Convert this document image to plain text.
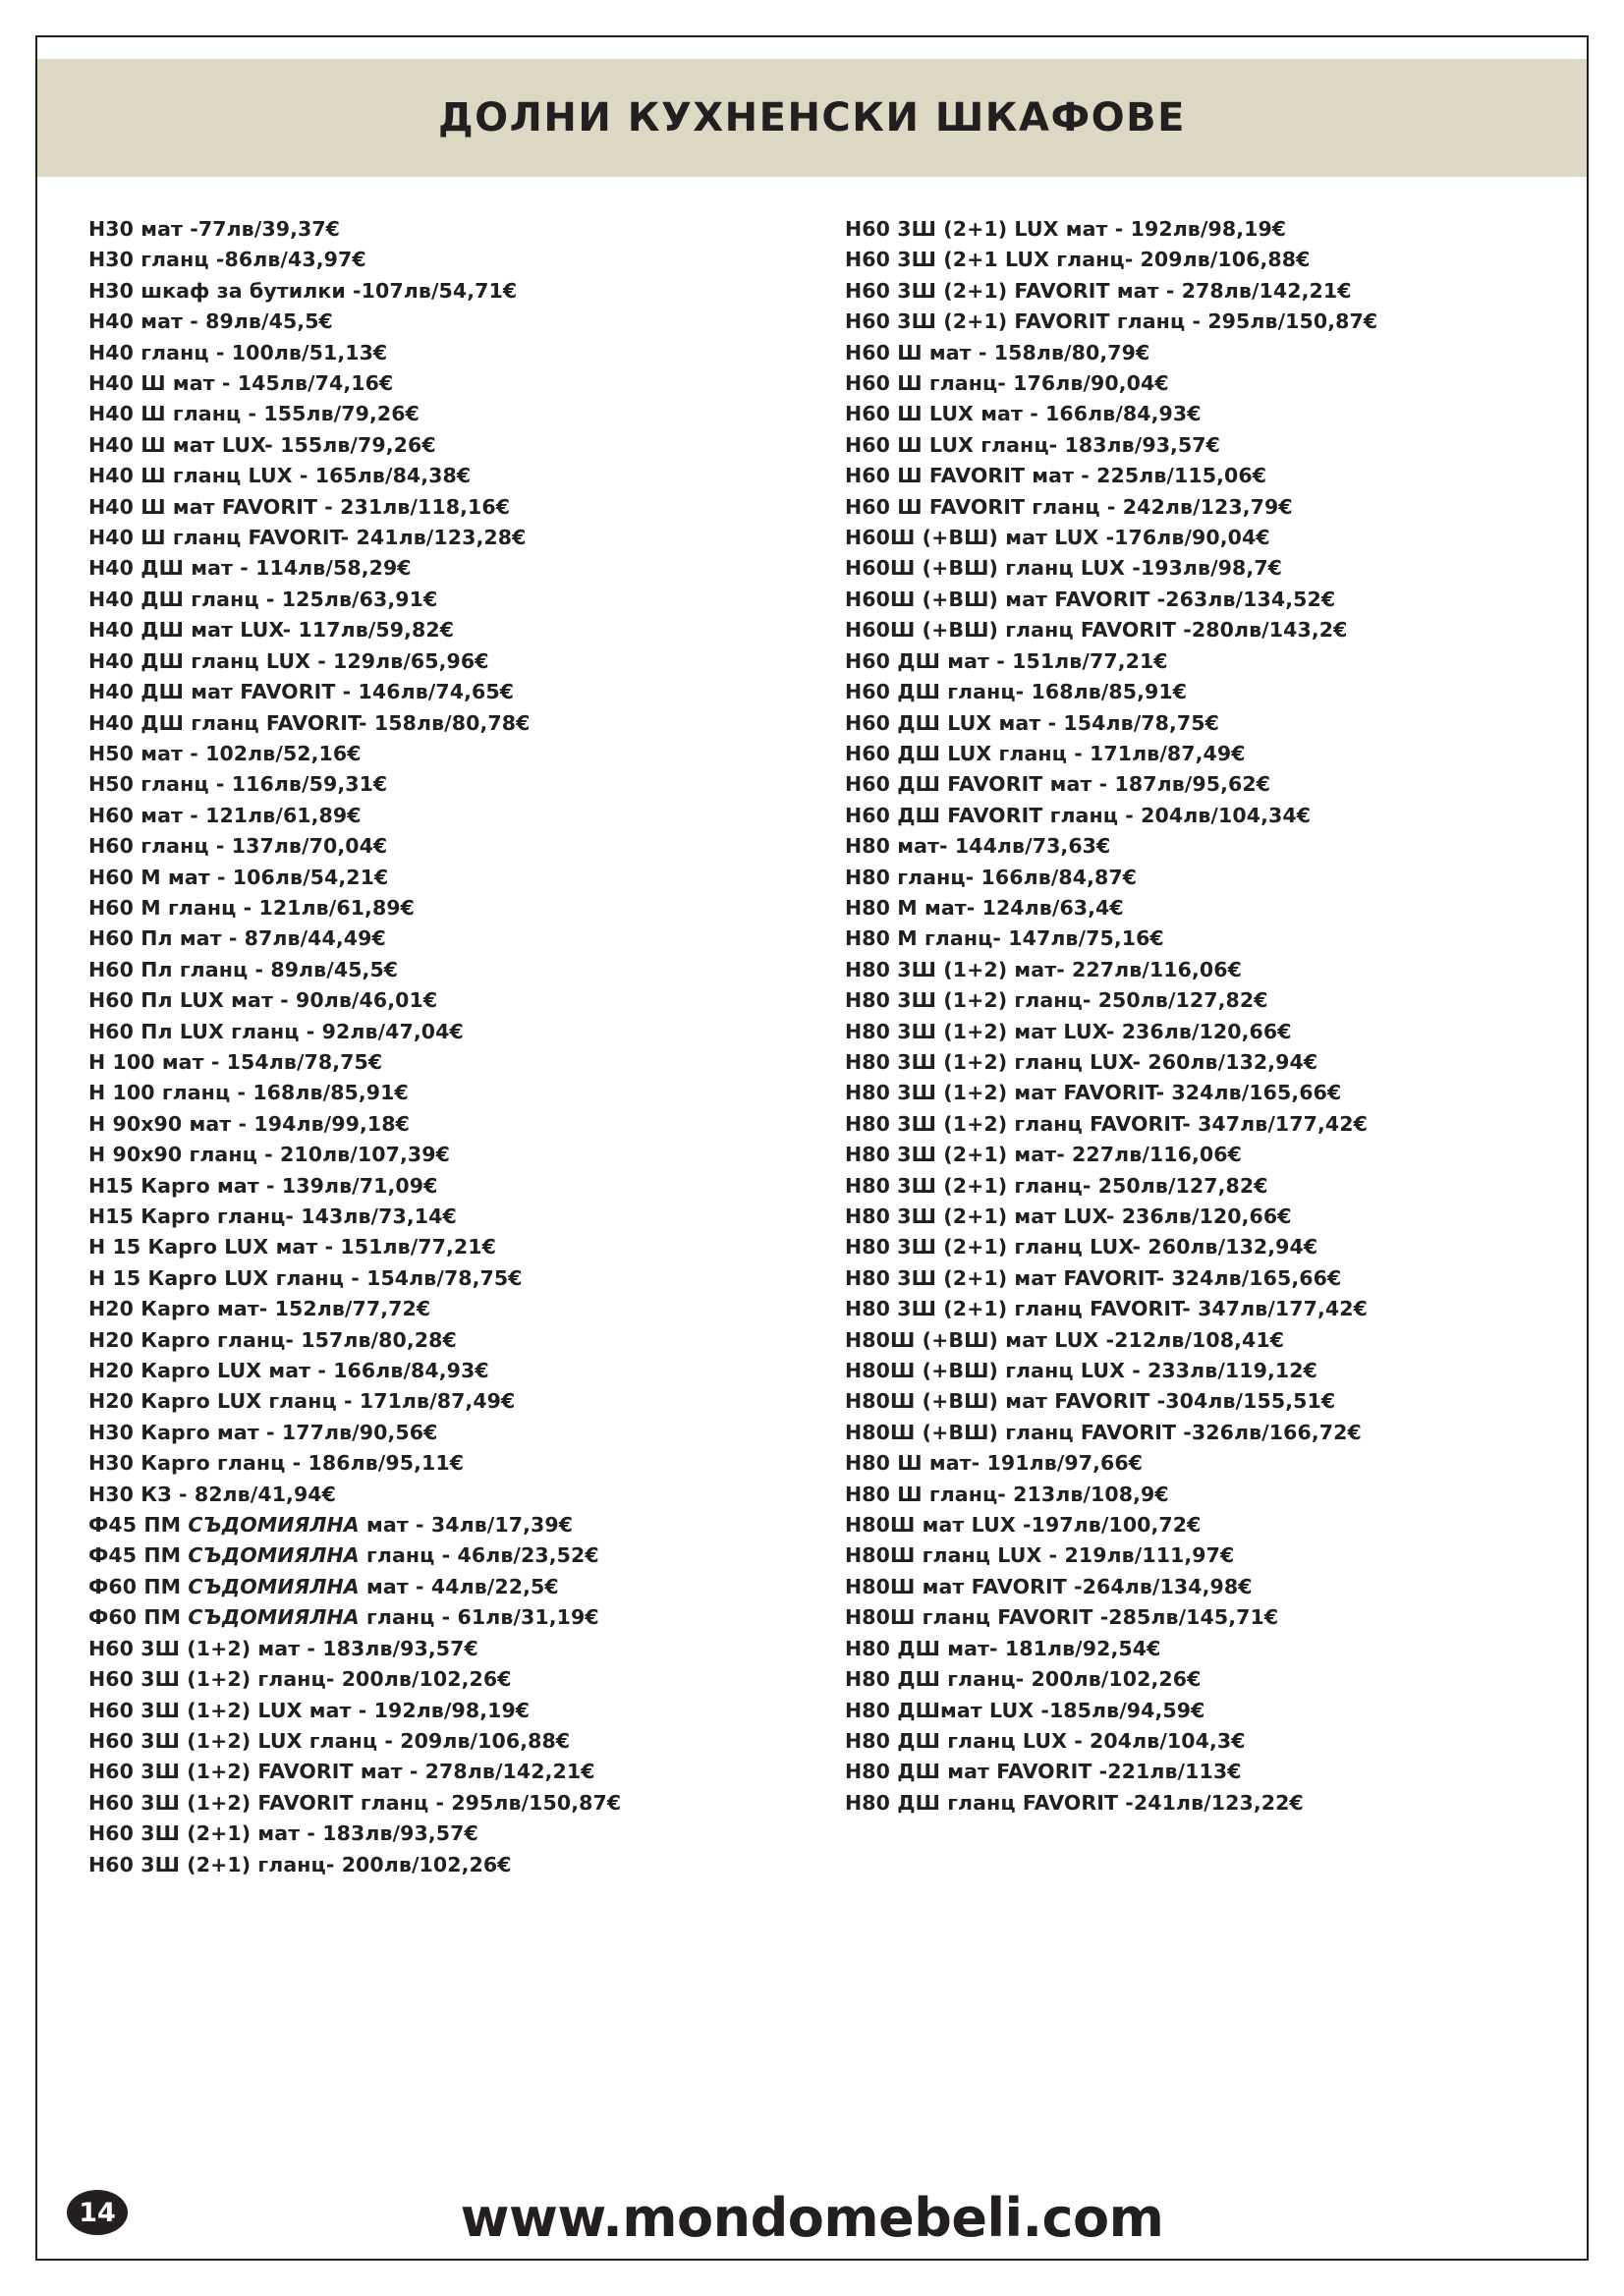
ДОЛНИ КУХНЕНСКИ ШКАФОВЕ
Н30 мат -77лв/39,37€
Н30 гланц -86лв/43,97€
Н30 шкаф за бутилки -107лв/54,71€
Н40 мат - 89лв/45,5€
Н40 гланц - 100лв/51,13€
Н40 Ш мат - 145лв/74,16€
Н40 Ш гланц - 155лв/79,26€
Н40 Ш мат LUX- 155лв/79,26€
Н40 Ш гланц LUX - 165лв/84,38€
Н40 Ш мат FAVORIT - 231лв/118,16€
Н40 Ш гланц FAVORIT- 241лв/123,28€
Н40 ДШ мат - 114лв/58,29€
Н40 ДШ гланц - 125лв/63,91€
Н40 ДШ мат LUX- 117лв/59,82€
Н40 ДШ гланц LUX - 129лв/65,96€
Н40 ДШ мат FAVORIT - 146лв/74,65€
Н40 ДШ гланц FAVORIT- 158лв/80,78€
Н50 мат - 102лв/52,16€
Н50 гланц - 116лв/59,31€
Н60 мат - 121лв/61,89€
Н60 гланц - 137лв/70,04€
Н60 М мат - 106лв/54,21€
Н60 М гланц - 121лв/61,89€
Н60 Пл мат - 87лв/44,49€
Н60 Пл гланц - 89лв/45,5€
Н60 Пл LUX мат - 90лв/46,01€
Н60 Пл LUX гланц - 92лв/47,04€
Н 100 мат - 154лв/78,75€
Н 100 гланц - 168лв/85,91€
Н 90х90 мат - 194лв/99,18€
Н 90х90 гланц - 210лв/107,39€
Н15 Карго мат - 139лв/71,09€
Н15 Карго гланц- 143лв/73,14€
Н 15 Карго LUX мат - 151лв/77,21€
Н 15 Карго LUX гланц - 154лв/78,75€
Н20 Карго мат- 152лв/77,72€
Н20 Карго гланц- 157лв/80,28€
Н20 Карго LUX мат - 166лв/84,93€
Н20 Карго LUX гланц - 171лв/87,49€
Н30 Карго мат - 177лв/90,56€
Н30 Карго гланц - 186лв/95,11€
Н30 КЗ - 82лв/41,94€
Ф45 ПМ СЪДОМИЯЛНА мат - 34лв/17,39€
Ф45 ПМ СЪДОМИЯЛНА гланц - 46лв/23,52€
Ф60 ПМ СЪДОМИЯЛНА мат - 44лв/22,5€
Ф60 ПМ СЪДОМИЯЛНА гланц - 61лв/31,19€
Н60 3Ш (1+2) мат - 183лв/93,57€
Н60 3Ш (1+2) гланц- 200лв/102,26€
Н60 3Ш (1+2) LUX мат - 192лв/98,19€
Н60 3Ш (1+2) LUX гланц - 209лв/106,88€
Н60 3Ш (1+2) FAVORIT мат - 278лв/142,21€
Н60 3Ш (1+2) FAVORIT гланц - 295лв/150,87€
Н60 3Ш (2+1) мат - 183лв/93,57€
Н60 3Ш (2+1) гланц- 200лв/102,26€
Н60 3Ш (2+1) LUX мат - 192лв/98,19€
Н60 3Ш (2+1 LUX гланц- 209лв/106,88€
Н60 3Ш (2+1) FAVORIT мат - 278лв/142,21€
Н60 3Ш (2+1) FAVORIT гланц - 295лв/150,87€
Н60 Ш мат - 158лв/80,79€
Н60 Ш гланц- 176лв/90,04€
Н60 Ш LUX мат - 166лв/84,93€
Н60 Ш LUX гланц- 183лв/93,57€
Н60 Ш FAVORIT мат - 225лв/115,06€
Н60 Ш FAVORIT гланц - 242лв/123,79€
Н60Ш (+ВШ) мат LUX -176лв/90,04€
Н60Ш (+ВШ) гланц LUX -193лв/98,7€
Н60Ш (+ВШ) мат FAVORIT -263лв/134,52€
Н60Ш (+ВШ) гланц FAVORIT -280лв/143,2€
Н60 ДШ мат - 151лв/77,21€
Н60 ДШ гланц- 168лв/85,91€
Н60 ДШ LUX мат - 154лв/78,75€
Н60 ДШ LUX гланц - 171лв/87,49€
Н60 ДШ FAVORIT мат - 187лв/95,62€
Н60 ДШ FAVORIT гланц - 204лв/104,34€
Н80 мат- 144лв/73,63€
Н80 гланц- 166лв/84,87€
Н80 М мат- 124лв/63,4€
Н80 М гланц- 147лв/75,16€
Н80 3Ш (1+2) мат- 227лв/116,06€
Н80 3Ш (1+2) гланц- 250лв/127,82€
Н80 3Ш (1+2) мат LUX- 236лв/120,66€
Н80 3Ш (1+2) гланц LUX- 260лв/132,94€
Н80 3Ш (1+2) мат FAVORIT- 324лв/165,66€
Н80 3Ш (1+2) гланц FAVORIT- 347лв/177,42€
Н80 3Ш (2+1) мат- 227лв/116,06€
Н80 3Ш (2+1) гланц- 250лв/127,82€
Н80 3Ш (2+1) мат LUX- 236лв/120,66€
Н80 3Ш (2+1) гланц LUX- 260лв/132,94€
Н80 3Ш (2+1) мат FAVORIT- 324лв/165,66€
Н80 3Ш (2+1) гланц FAVORIT- 347лв/177,42€
Н80Ш (+ВШ) мат LUX -212лв/108,41€
Н80Ш (+ВШ) гланц LUX - 233лв/119,12€
Н80Ш (+ВШ) мат FAVORIT -304лв/155,51€
Н80Ш (+ВШ) гланц FAVORIT -326лв/166,72€
Н80 Ш мат- 191лв/97,66€
Н80 Ш гланц- 213лв/108,9€
Н80Ш мат LUX -197лв/100,72€
Н80Ш гланц LUX - 219лв/111,97€
Н80Ш мат FAVORIT -264лв/134,98€
Н80Ш гланц FAVORIT -285лв/145,71€
Н80 ДШ мат- 181лв/92,54€
Н80 ДШ гланц- 200лв/102,26€
Н80 ДШмат LUX -185лв/94,59€
Н80 ДШ гланц LUX - 204лв/104,3€
Н80 ДШ мат FAVORIT -221лв/113€
Н80 ДШ гланц FAVORIT -241лв/123,22€
14	www.mondomebeli.com
